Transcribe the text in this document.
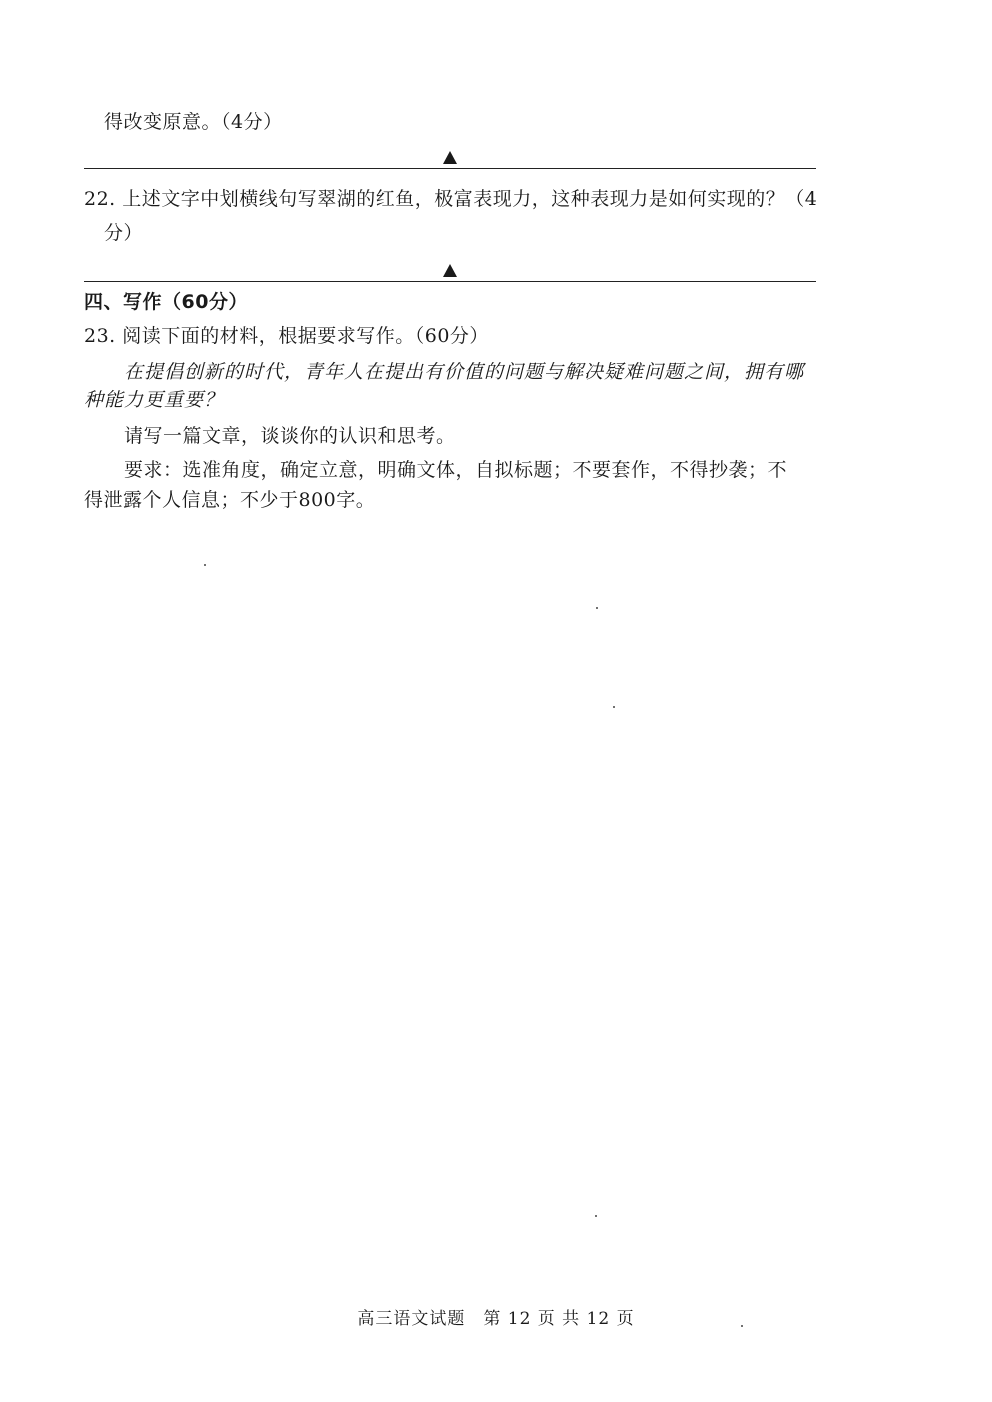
得改变原意。（4分）
22. 上述文字中划横线句写翠湖的红鱼，极富表现力，这种表现力是如何实现的？（4
分）
四、写作（60分）
23. 阅读下面的材料，根据要求写作。（60分）
在提倡创新的时代，青年人在提出有价值的问题与解决疑难问题之间，拥有哪
种能力更重要？
请写一篇文章，谈谈你的认识和思考。
要求：选准角度，确定立意，明确文体，自拟标题；不要套作，不得抄袭；不
得泄露个人信息；不少于800字。
高三语文试题　第 12 页 共 12 页
